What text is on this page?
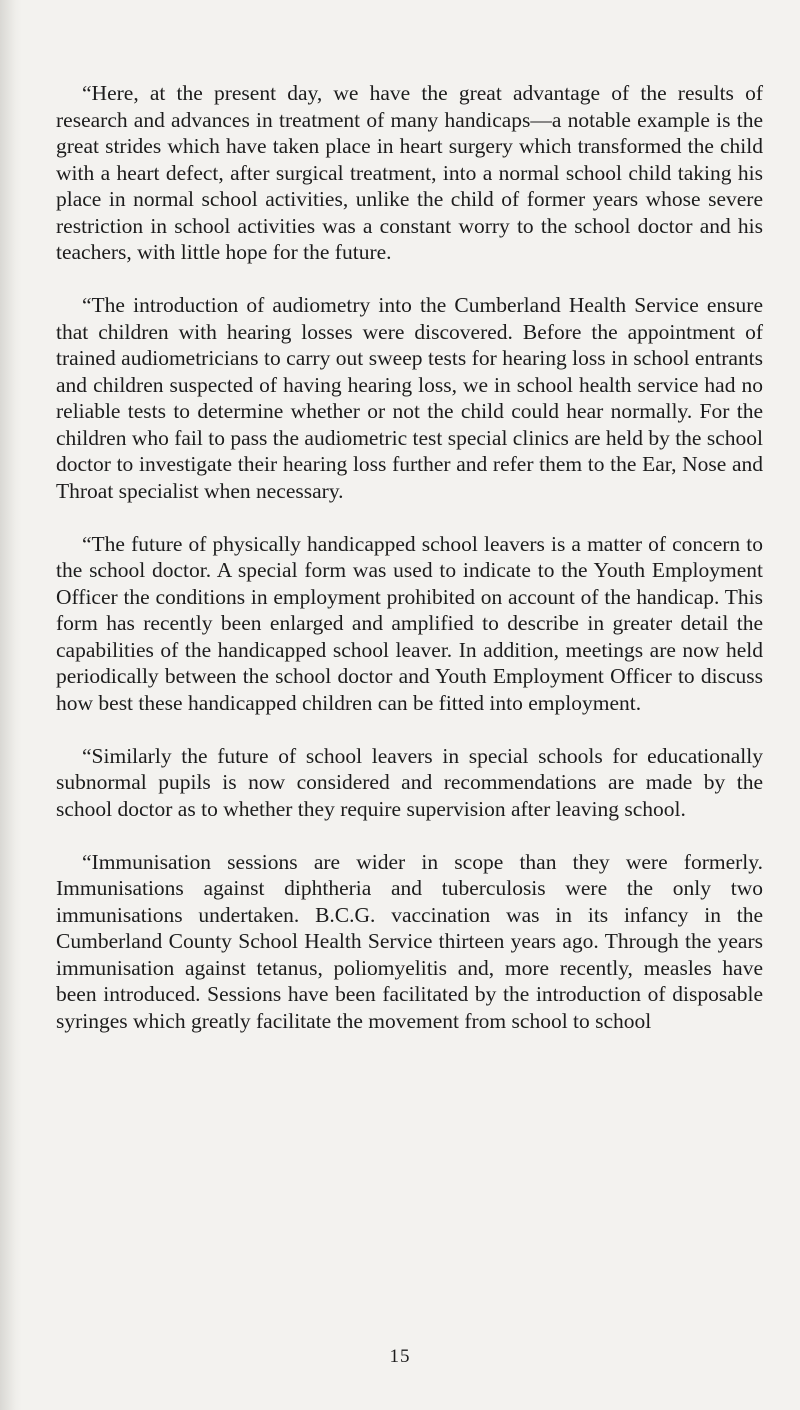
“Here, at the present day, we have the great advantage of the results of research and advances in treatment of many handicaps—a notable example is the great strides which have taken place in heart surgery which transformed the child with a heart defect, after surgical treatment, into a normal school child taking his place in normal school activities, unlike the child of former years whose severe restriction in school activities was a constant worry to the school doctor and his teachers, with little hope for the future.

“The introduction of audiometry into the Cumberland Health Service ensure that children with hearing losses were discovered. Before the appointment of trained audiometricians to carry out sweep tests for hearing loss in school entrants and children suspected of having hearing loss, we in school health service had no reliable tests to determine whether or not the child could hear normally. For the children who fail to pass the audiometric test special clinics are held by the school doctor to investigate their hearing loss further and refer them to the Ear, Nose and Throat specialist when necessary.

“The future of physically handicapped school leavers is a matter of concern to the school doctor. A special form was used to indicate to the Youth Employment Officer the conditions in employment prohibited on account of the handicap. This form has recently been enlarged and amplified to describe in greater detail the capabilities of the handicapped school leaver. In addition, meetings are now held periodically between the school doctor and Youth Employment Officer to discuss how best these handicapped children can be fitted into employment.

“Similarly the future of school leavers in special schools for educationally subnormal pupils is now considered and recommendations are made by the school doctor as to whether they require supervision after leaving school.

“Immunisation sessions are wider in scope than they were formerly. Immunisations against diphtheria and tuberculosis were the only two immunisations undertaken. B.C.G. vaccination was in its infancy in the Cumberland County School Health Service thirteen years ago. Through the years immunisation against tetanus, poliomyelitis and, more recently, measles have been introduced. Sessions have been facilitated by the introduction of disposable syringes which greatly facilitate the movement from school to school

15
